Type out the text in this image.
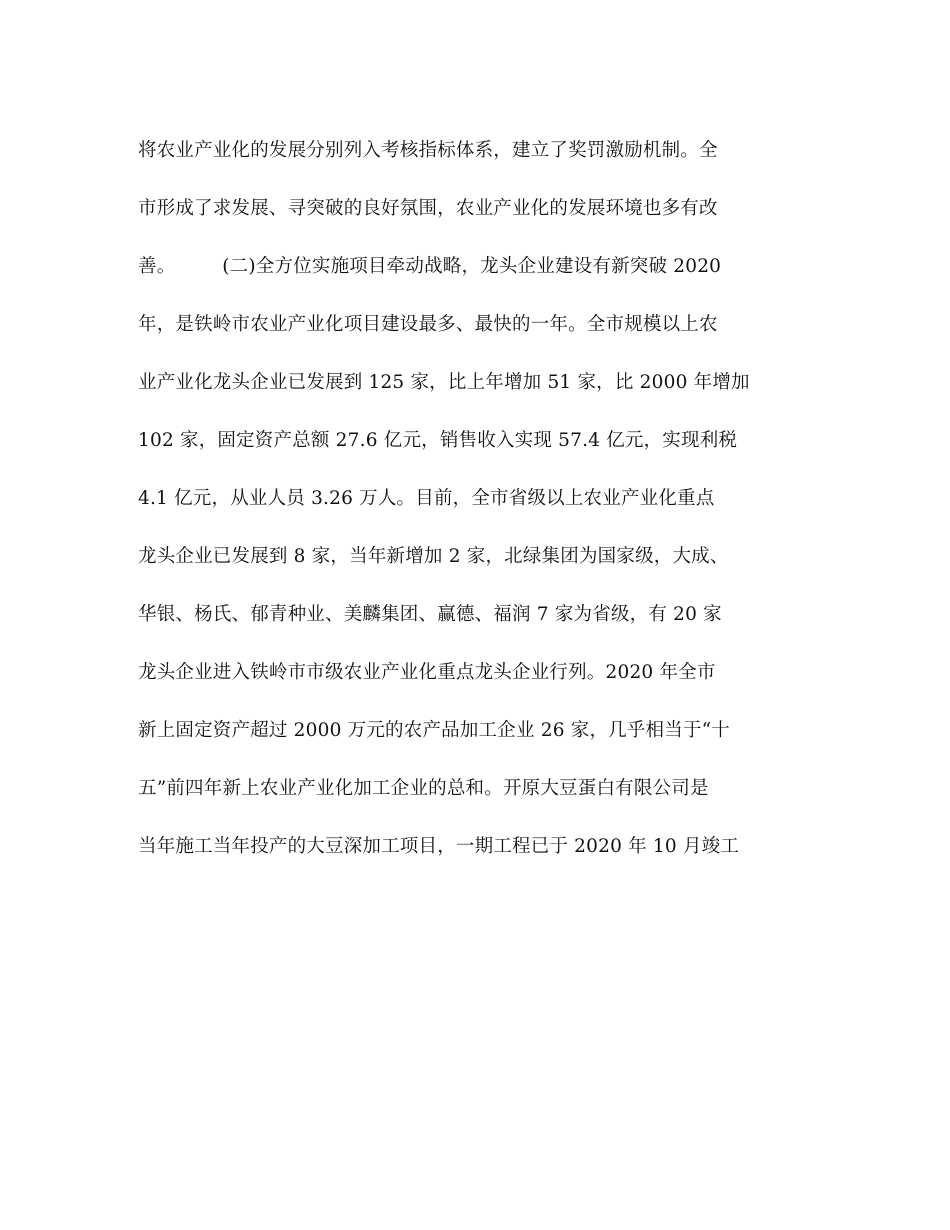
将农业产业化的发展分别列入考核指标体系，建立了奖罚激励机制。全
市形成了求发展、寻突破的良好氛围，农业产业化的发展环境也多有改
善。　　　(二)全方位实施项目牵动战略，龙头企业建设有新突破 2020
年，是铁岭市农业产业化项目建设最多、最快的一年。全市规模以上农
业产业化龙头企业已发展到 125 家，比上年增加 51 家，比 2000 年增加
102 家，固定资产总额 27.6 亿元，销售收入实现 57.4 亿元，实现利税
4.1 亿元，从业人员 3.26 万人。目前，全市省级以上农业产业化重点
龙头企业已发展到 8 家，当年新增加 2 家，北绿集团为国家级，大成、
华银、杨氏、郁青种业、美麟集团、赢德、福润 7 家为省级，有 20 家
龙头企业进入铁岭市市级农业产业化重点龙头企业行列。2020 年全市
新上固定资产超过 2000 万元的农产品加工企业 26 家，几乎相当于“十
五”前四年新上农业产业化加工企业的总和。开原大豆蛋白有限公司是
当年施工当年投产的大豆深加工项目，一期工程已于 2020 年 10 月竣工
